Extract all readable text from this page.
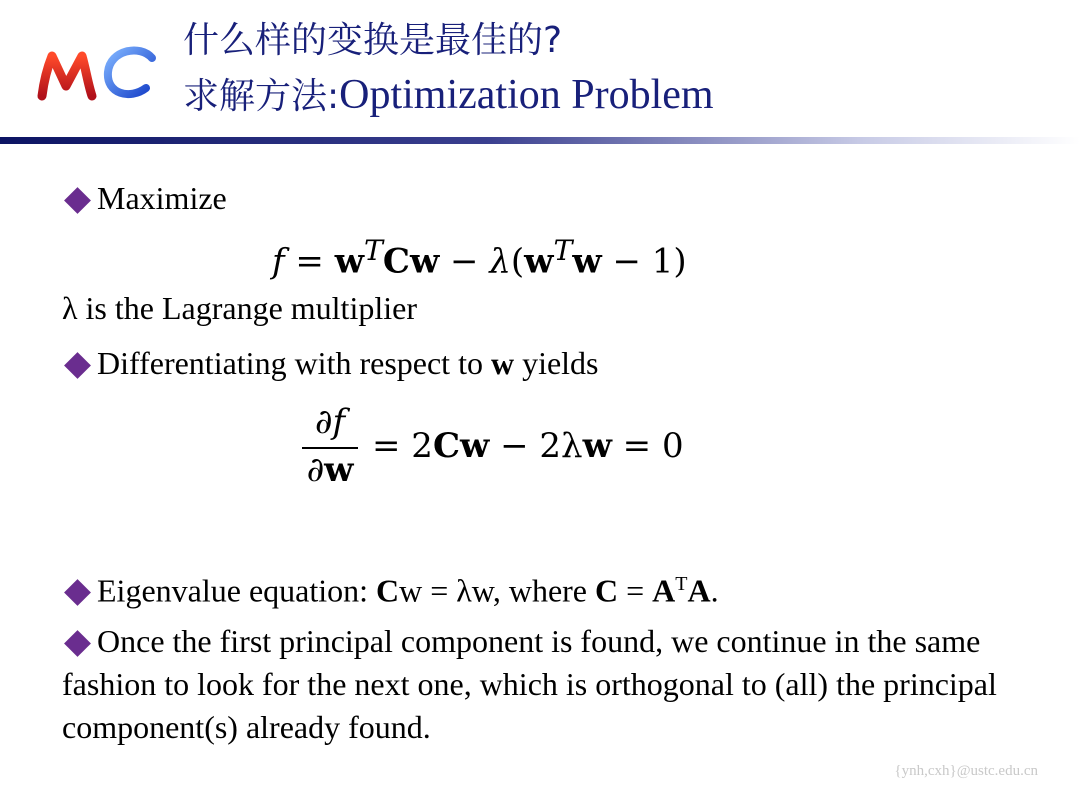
MC	什么样的变换是最佳的?
求解方法:Optimization Problem
Maximize
$f = w^TCw - \lambda(w^Tw - 1)$
λ is the Lagrange multiplier
Differentiating with respect to w yields
∂f
∂w
= 2Cw − 2λw = 0
Eigenvalue equation: Cw = λw, where $C = A^TA$.
Once the first principal component is found, we continue in the same fashion to look for the next one, which is orthogonal to (all) the principal component(s) already found.
{ynh,cxh}@ustc.edu.cn
